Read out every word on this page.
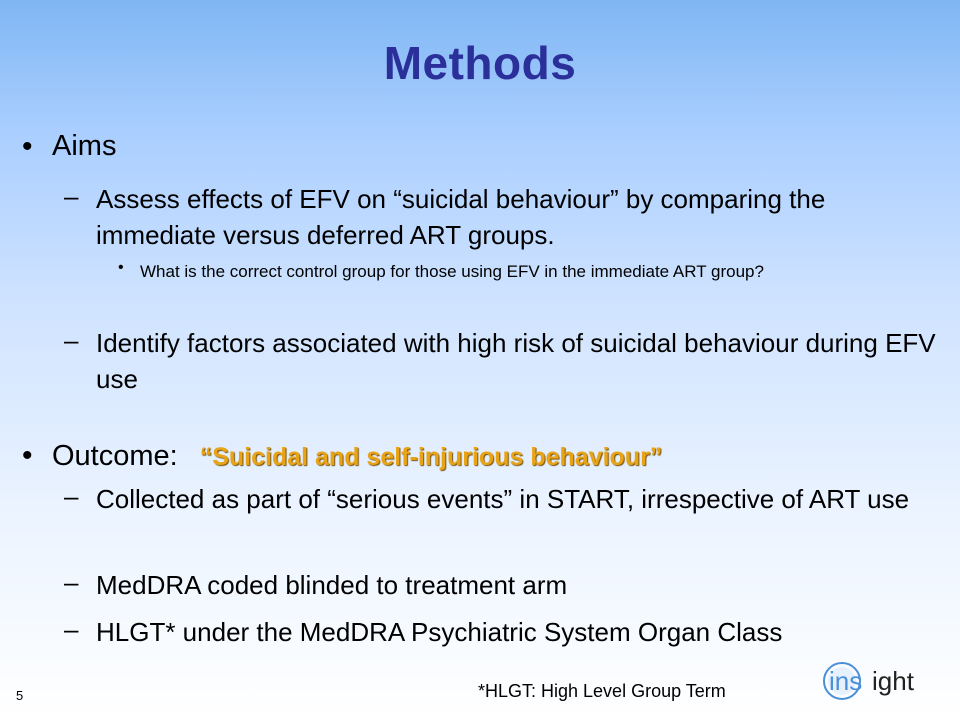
Methods
• Aims
– Assess effects of EFV on “suicidal behaviour” by comparing the immediate versus deferred ART groups.
• What is the correct control group for those using EFV in the immediate ART group?
– Identify factors associated with high risk of suicidal behaviour during EFV use
• Outcome: “Suicidal and self-injurious behaviour”
– Collected as part of “serious events” in START, irrespective of ART use
– MedDRA coded blinded to treatment arm
– HLGT* under the MedDRA Psychiatric System Organ Class
5	*HLGT: High Level Group Term	ins ight
